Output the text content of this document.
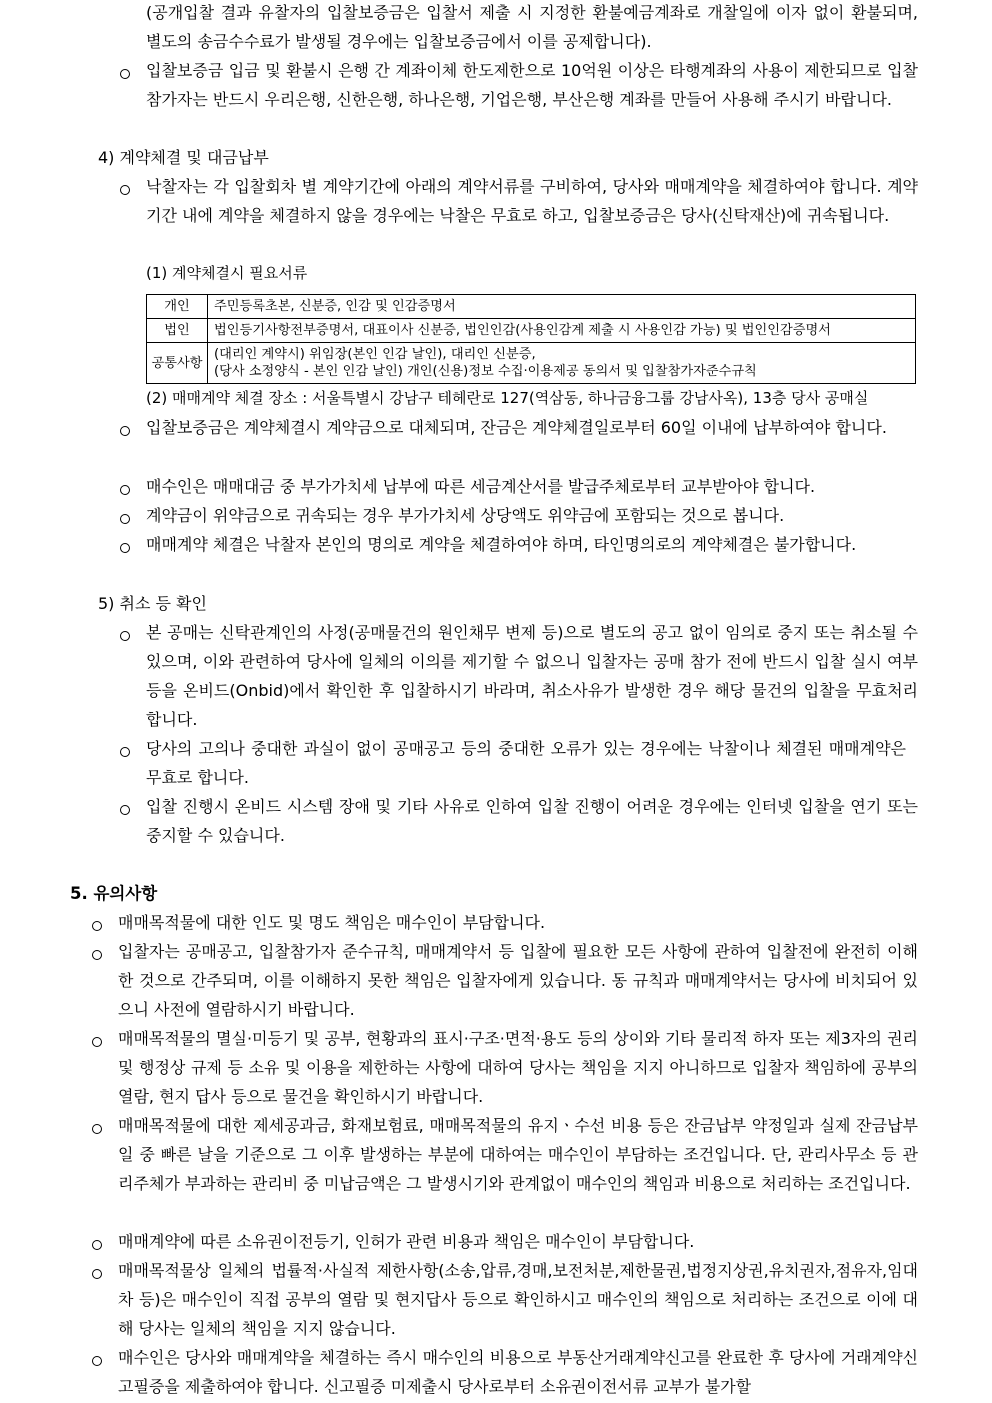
(공개입찰 결과 유찰자의 입찰보증금은 입찰서 제출 시 지정한 환불예금계좌로 개찰일에 이자 없이 환불되며, 별도의 송금수수료가 발생될 경우에는 입찰보증금에서 이를 공제합니다).

입찰보증금 입금 및 환불시 은행 간 계좌이체 한도제한으로 10억원 이상은 타행계좌의 사용이 제한되므로 입찰참가자는 반드시 우리은행, 신한은행, 하나은행, 기업은행, 부산은행 계좌를 만들어 사용해 주시기 바랍니다.

4) 계약체결 및 대금납부

낙찰자는 각 입찰회차 별 계약기간에 아래의 계약서류를 구비하여, 당사와 매매계약을 체결하여야 합니다. 계약기간 내에 계약을 체결하지 않을 경우에는 낙찰은 무효로 하고, 입찰보증금은 당사(신탁재산)에 귀속됩니다.

(1) 계약체결시 필요서류

개인	주민등록초본, 신분증, 인감 및 인감증명서
법인	법인등기사항전부증명서, 대표이사 신분증, 법인인감(사용인감계 제출 시 사용인감 가능) 및 법인인감증명서
공통사항	(대리인 계약시) 위임장(본인 인감 날인), 대리인 신분증,
(당사 소정양식 - 본인 인감 날인) 개인(신용)정보 수집·이용제공 동의서 및 입찰참가자준수규칙

(2) 매매계약 체결 장소 : 서울특별시 강남구 테헤란로 127(역삼동, 하나금융그룹 강남사옥), 13층 당사 공매실

입찰보증금은 계약체결시 계약금으로 대체되며, 잔금은 계약체결일로부터 60일 이내에 납부하여야 합니다.

매수인은 매매대금 중 부가가치세 납부에 따른 세금계산서를 발급주체로부터 교부받아야 합니다.

계약금이 위약금으로 귀속되는 경우 부가가치세 상당액도 위약금에 포함되는 것으로 봅니다.

매매계약 체결은 낙찰자 본인의 명의로 계약을 체결하여야 하며, 타인명의로의 계약체결은 불가합니다.

5) 취소 등 확인

본 공매는 신탁관계인의 사정(공매물건의 원인채무 변제 등)으로 별도의 공고 없이 임의로 중지 또는 취소될 수 있으며, 이와 관련하여 당사에 일체의 이의를 제기할 수 없으니 입찰자는 공매 참가 전에 반드시 입찰 실시 여부 등을 온비드(Onbid)에서 확인한 후 입찰하시기 바라며, 취소사유가 발생한 경우 해당 물건의 입찰을 무효처리 합니다.

당사의 고의나 중대한 과실이 없이 공매공고 등의 중대한 오류가 있는 경우에는 낙찰이나 체결된 매매계약은 무효로 합니다.

입찰 진행시 온비드 시스템 장애 및 기타 사유로 인하여 입찰 진행이 어려운 경우에는 인터넷 입찰을 연기 또는 중지할 수 있습니다.

5. 유의사항

매매목적물에 대한 인도 및 명도 책임은 매수인이 부담합니다.

입찰자는 공매공고, 입찰참가자 준수규칙, 매매계약서 등 입찰에 필요한 모든 사항에 관하여 입찰전에 완전히 이해한 것으로 간주되며, 이를 이해하지 못한 책임은 입찰자에게 있습니다. 동 규칙과 매매계약서는 당사에 비치되어 있으니 사전에 열람하시기 바랍니다.

매매목적물의 멸실·미등기 및 공부, 현황과의 표시·구조·면적·용도 등의 상이와 기타 물리적 하자 또는 제3자의 권리 및 행정상 규제 등 소유 및 이용을 제한하는 사항에 대하여 당사는 책임을 지지 아니하므로 입찰자 책임하에 공부의 열람, 현지 답사 등으로 물건을 확인하시기 바랍니다.

매매목적물에 대한 제세공과금, 화재보험료, 매매목적물의 유지ㆍ수선 비용 등은 잔금납부 약정일과 실제 잔금납부일 중 빠른 날을 기준으로 그 이후 발생하는 부분에 대하여는 매수인이 부담하는 조건입니다. 단, 관리사무소 등 관리주체가 부과하는 관리비 중 미납금액은 그 발생시기와 관계없이 매수인의 책임과 비용으로 처리하는 조건입니다.

매매계약에 따른 소유권이전등기, 인허가 관련 비용과 책임은 매수인이 부담합니다.

매매목적물상 일체의 법률적·사실적 제한사항(소송,압류,경매,보전처분,제한물권,법정지상권,유치권자,점유자,임대차 등)은 매수인이 직접 공부의 열람 및 현지답사 등으로 확인하시고 매수인의 책임으로 처리하는 조건으로 이에 대해 당사는 일체의 책임을 지지 않습니다.

매수인은 당사와 매매계약을 체결하는 즉시 매수인의 비용으로 부동산거래계약신고를 완료한 후 당사에 거래계약신고필증을 제출하여야 합니다. 신고필증 미제출시 당사로부터 소유권이전서류 교부가 불가할
